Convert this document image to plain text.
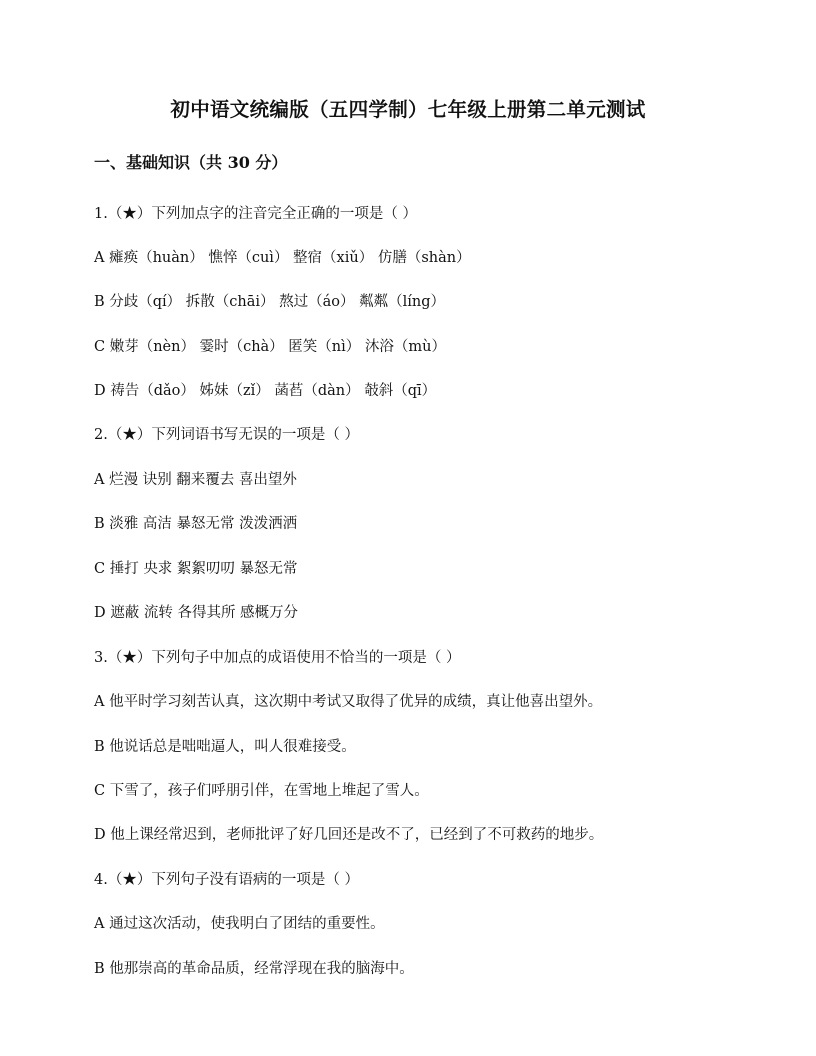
初中语文统编版（五四学制）七年级上册第二单元测试
一、基础知识（共 30 分）
1.（★）下列加点字的注音完全正确的一项是（ ）
A 瘫痪（huàn） 憔悴（cuì） 整宿（xiǔ） 仿膳（shàn）
B 分歧（qí） 拆散（chāi） 熬过（áo） 粼粼（líng）
C 嫩芽（nèn） 霎时（chà） 匿笑（nì） 沐浴（mù）
D 祷告（dǎo） 姊妹（zǐ） 菡萏（dàn） 攲斜（qī）
2.（★）下列词语书写无误的一项是（ ）
A 烂漫 诀别 翻来覆去 喜出望外
B 淡雅 高洁 暴怒无常 泼泼洒洒
C 捶打 央求 絮絮叨叨 暴怒无常
D 遮蔽 流转 各得其所 感概万分
3.（★）下列句子中加点的成语使用不恰当的一项是（ ）
A 他平时学习刻苦认真，这次期中考试又取得了优异的成绩，真让他喜出望外。
B 他说话总是咄咄逼人，叫人很难接受。
C 下雪了，孩子们呼朋引伴，在雪地上堆起了雪人。
D 他上课经常迟到，老师批评了好几回还是改不了，已经到了不可救药的地步。
4.（★）下列句子没有语病的一项是（ ）
A 通过这次活动，使我明白了团结的重要性。
B 他那崇高的革命品质，经常浮现在我的脑海中。
